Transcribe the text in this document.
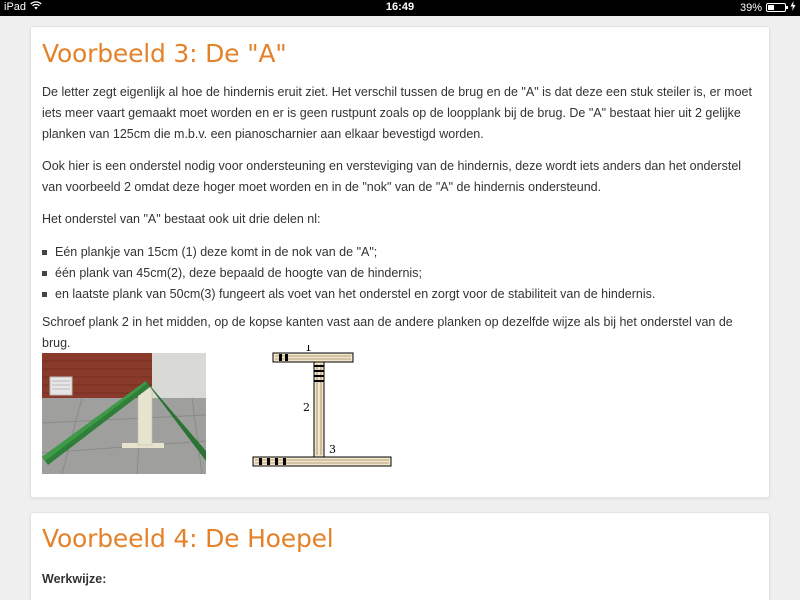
iPad	16:49	39%
Voorbeeld 3: De "A"

De letter zegt eigenlijk al hoe de hindernis eruit ziet. Het verschil tussen de brug en de "A" is dat deze een stuk steiler is, er moet iets meer vaart gemaakt moet worden en er is geen rustpunt zoals op de loopplank bij de brug. De "A" bestaat hier uit 2 gelijke planken van 125cm die m.b.v. een pianoscharnier aan elkaar bevestigd worden.

Ook hier is een onderstel nodig voor ondersteuning en versteviging van de hindernis, deze wordt iets anders dan het onderstel van voorbeeld 2 omdat deze hoger moet worden en in de "nok" van de "A" de hindernis ondersteund.

Het onderstel van "A" bestaat ook uit drie delen nl:

Eén plankje van 15cm (1) deze komt in de nok van de "A";
één plank van 45cm(2), deze bepaald de hoogte van de hindernis;
en laatste plank van 50cm(3) fungeert als voet van het onderstel en zorgt voor de stabiliteit van de hindernis.

Schroef plank 2 in het midden, op de kopse kanten vast aan de andere planken op dezelfde wijze als bij het onderstel van de brug.	1
2
3
Voorbeeld 4: De Hoepel
Werkwijze:
